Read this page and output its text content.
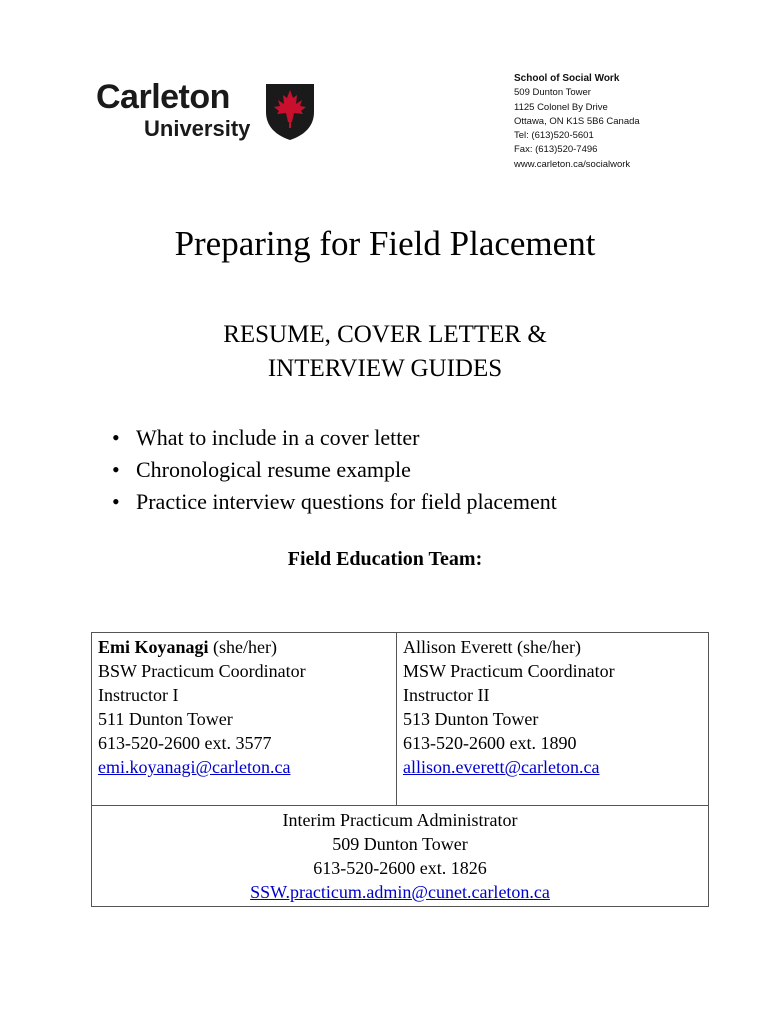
Carleton
University
School of Social Work
509 Dunton Tower
1125 Colonel By Drive
Ottawa, ON K1S 5B6 Canada
Tel: (613)520-5601
Fax: (613)520-7496
www.carleton.ca/socialwork
Preparing for Field Placement
RESUME, COVER LETTER &
INTERVIEW GUIDES
• What to include in a cover letter
• Chronological resume example
• Practice interview questions for field placement
Field Education Team:
Emi Koyanagi (she/her)
BSW Practicum Coordinator
Instructor I
511 Dunton Tower
613-520-2600 ext. 3577
emi.koyanagi@carleton.ca

Allison Everett (she/her)
MSW Practicum Coordinator
Instructor II
513 Dunton Tower
613-520-2600 ext. 1890
allison.everett@carleton.ca

Interim Practicum Administrator
509 Dunton Tower
613-520-2600 ext. 1826
SSW.practicum.admin@cunet.carleton.ca
